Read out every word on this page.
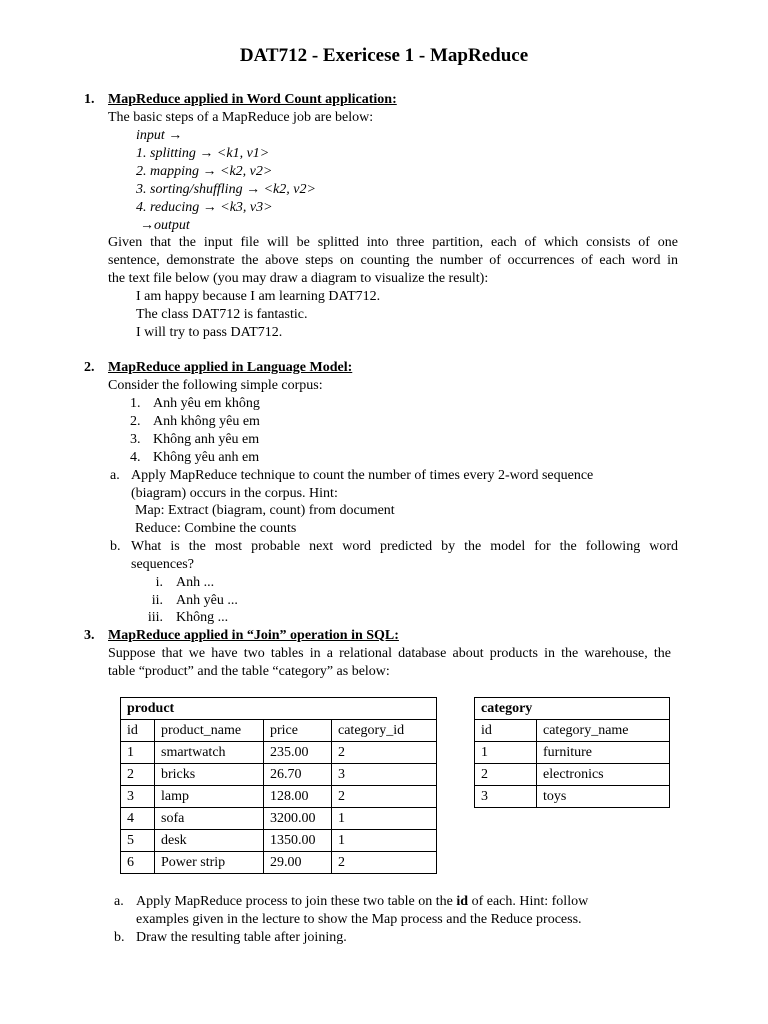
DAT712 - Exericese 1 - MapReduce
1. MapReduce applied in Word Count application:
The basic steps of a MapReduce job are below:
input →
1. splitting → <k1, v1>
2. mapping → <k2, v2>
3. sorting/shuffling → <k2, v2>
4. reducing → <k3, v3>
→output
Given that the input file will be splitted into three partition, each of which consists of one
sentence, demonstrate the above steps on counting the number of occurrences of each word in
the text file below (you may draw a diagram to visualize the result):
I am happy because I am learning DAT712.
The class DAT712 is fantastic.
I will try to pass DAT712.
2. MapReduce applied in Language Model:
Consider the following simple corpus:
1. Anh yêu em không
2. Anh không yêu em
3. Không anh yêu em
4. Không yêu anh em
a. Apply MapReduce technique to count the number of times every 2-word sequence
(biagram) occurs in the corpus. Hint:
Map: Extract (biagram, count) from document
Reduce: Combine the counts
b. What is the most probable next word predicted by the model for the following word
sequences?
i. Anh ...
ii. Anh yêu ...
iii. Không ...
3. MapReduce applied in “Join” operation in SQL:
Suppose that we have two tables in a relational database about products in the warehouse, the
table “product” and the table “category” as below:
product			
id	product_name	price	category_id
1	smartwatch	235.00	2
2	bricks	26.70	3
3	lamp	128.00	2
4	sofa	3200.00	1
5	desk	1350.00	1
6	Power strip	29.00	2
category	
id	category_name
1	furniture
2	electronics
3	toys
a. Apply MapReduce process to join these two table on the id of each. Hint: follow
examples given in the lecture to show the Map process and the Reduce process.
b. Draw the resulting table after joining.
